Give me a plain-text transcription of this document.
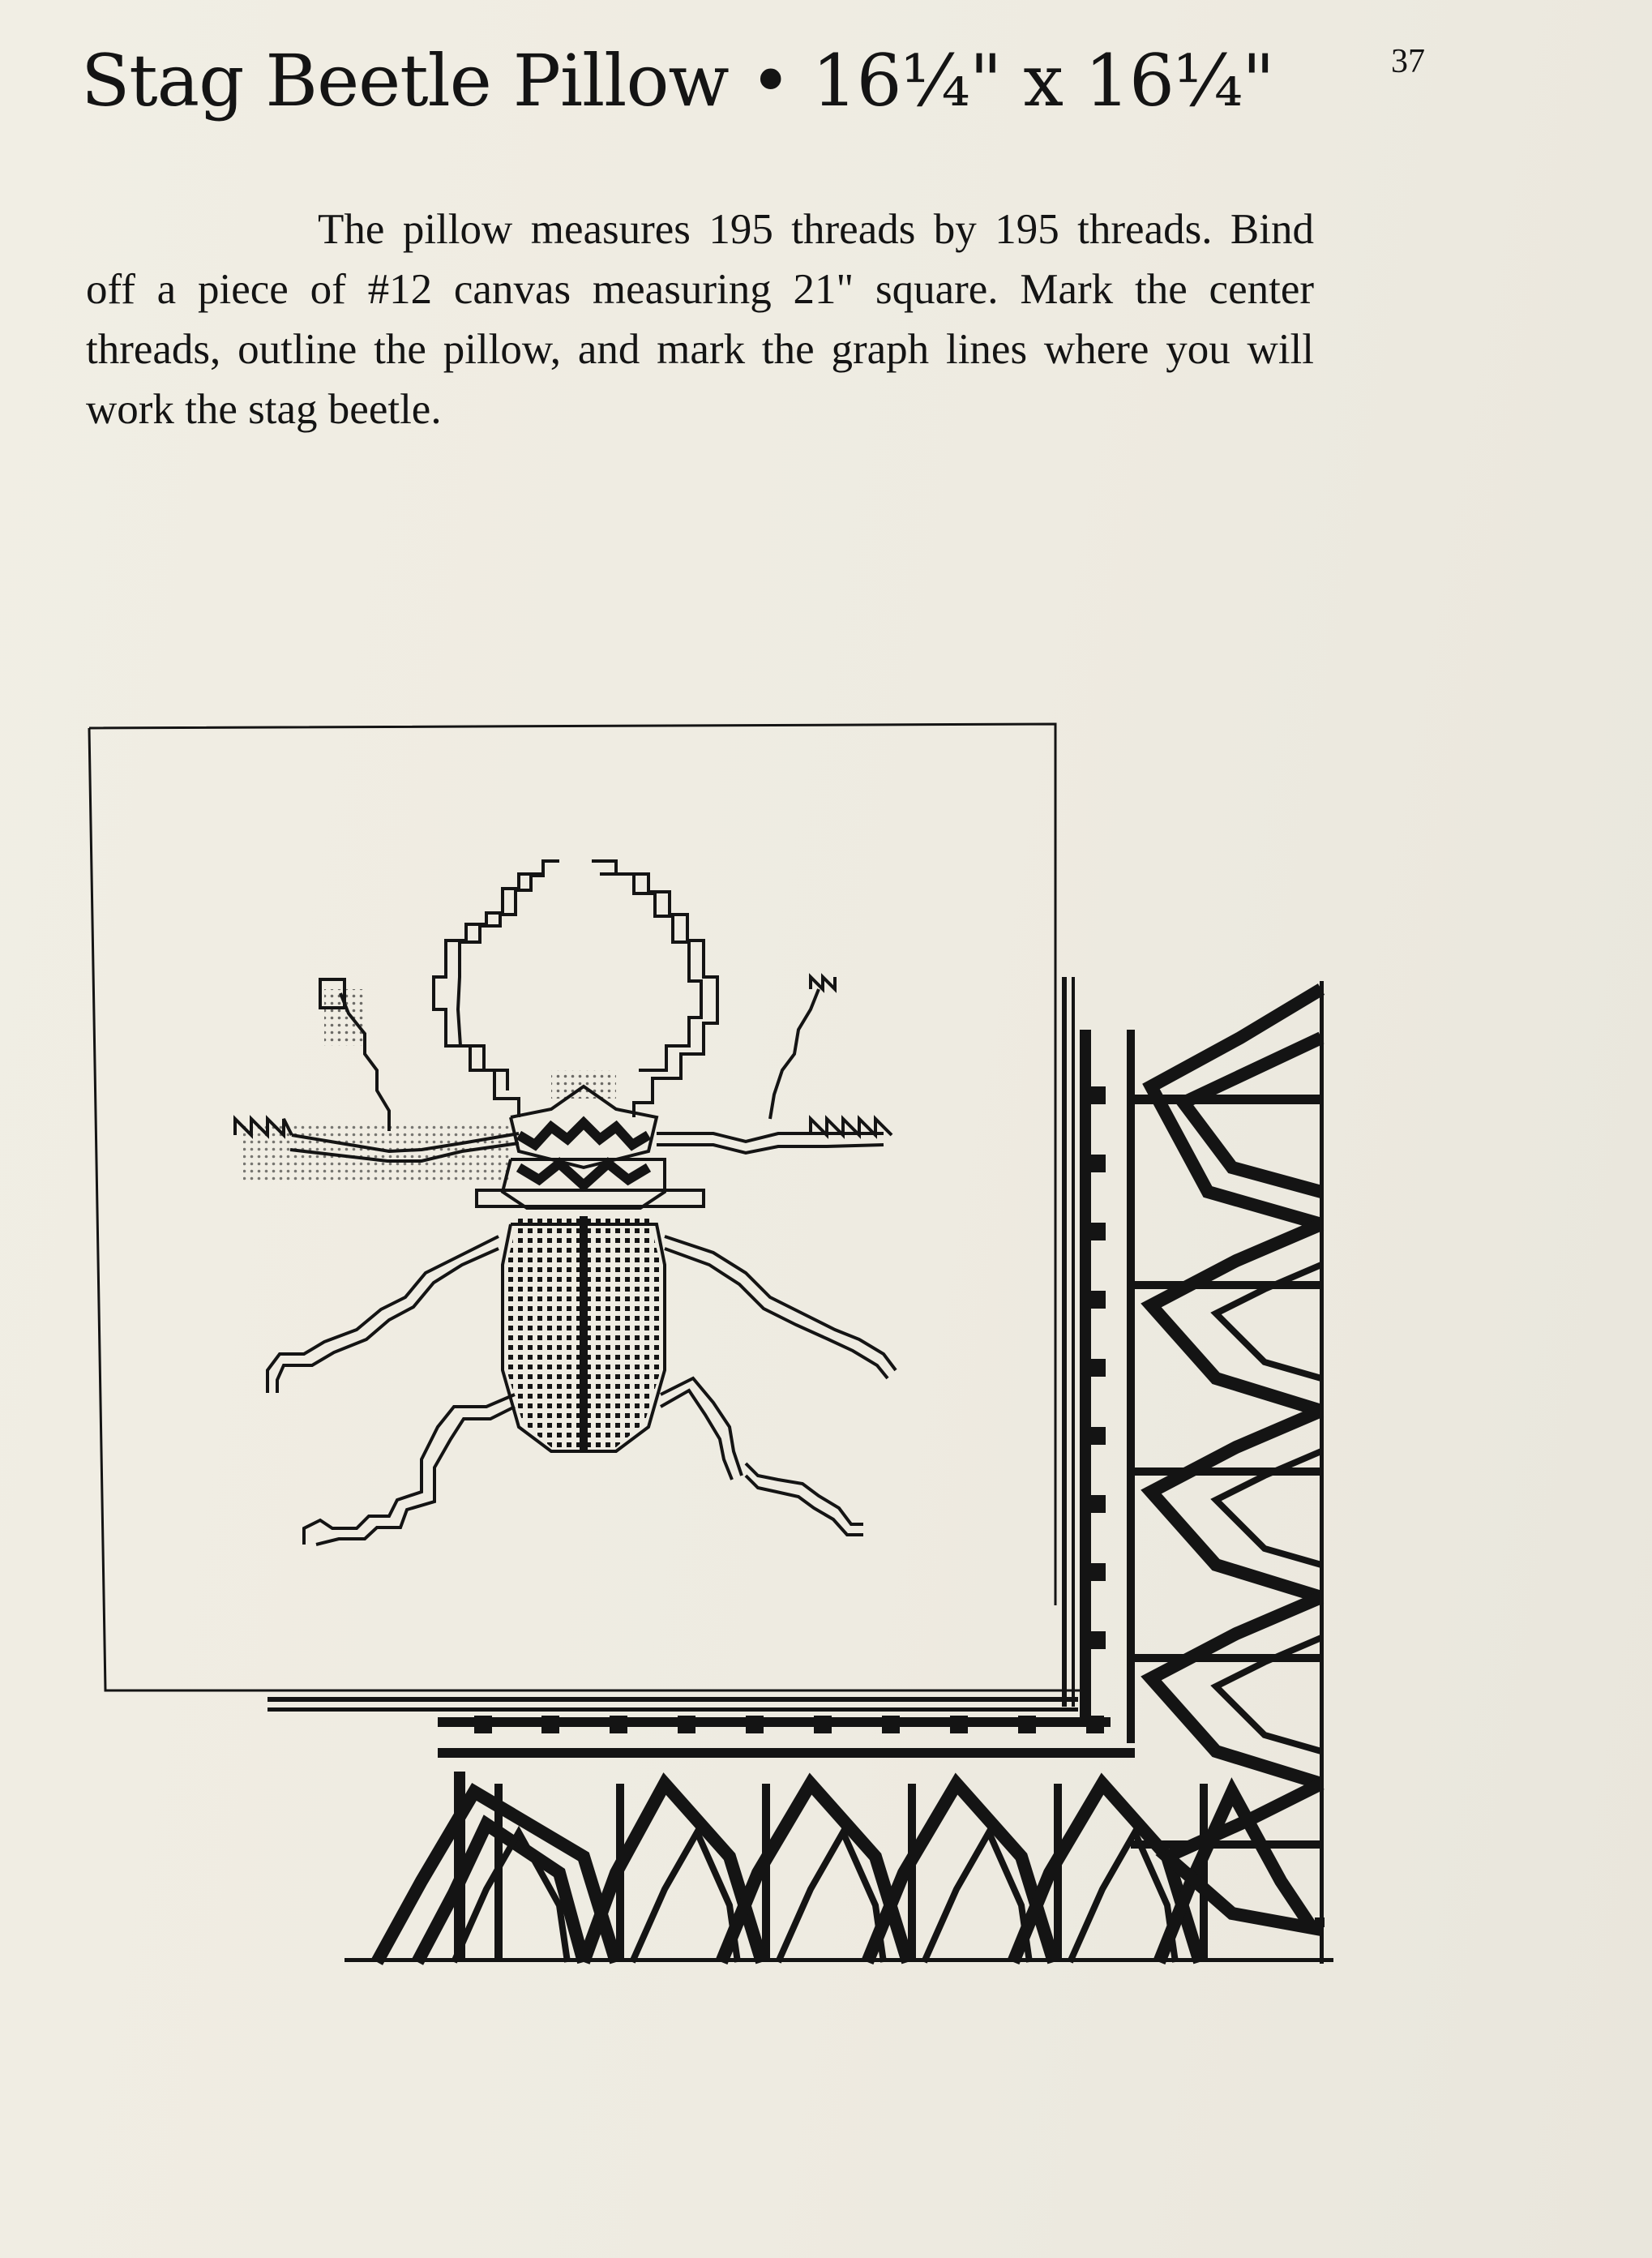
Stag Beetle Pillow • 16¼" x 16¼"	37

The pillow measures 195 threads by 195 threads. Bind off a piece of #12 canvas measuring 21" square. Mark the center threads, outline the pillow, and mark the graph lines where you will work the stag beetle.
